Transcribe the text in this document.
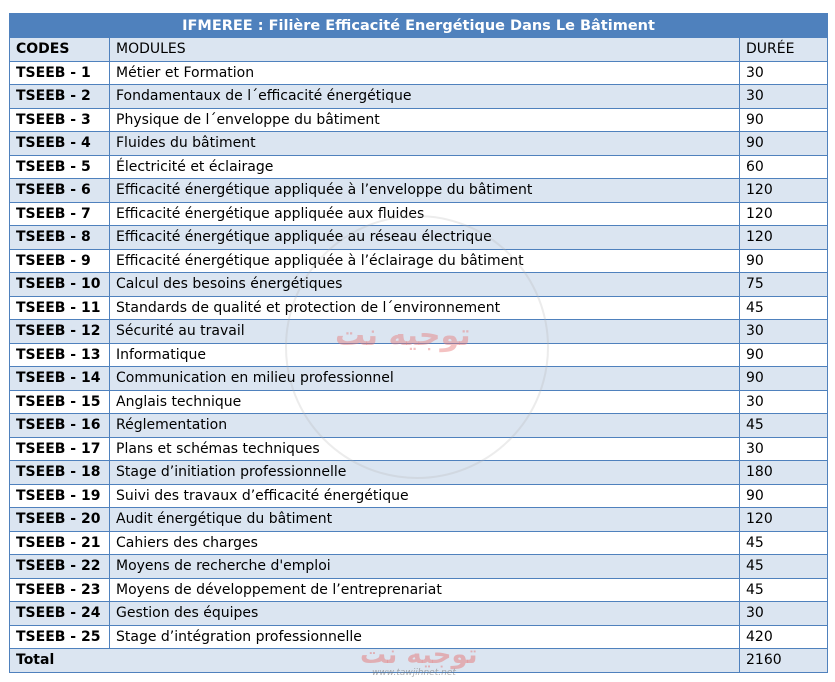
IFMEREE : Filière Efficacité Energétique Dans Le Bâtiment		
CODES	MODULES	DURÉE
TSEEB - 1	Métier et Formation	30
TSEEB - 2	Fondamentaux de l´efficacité énergétique	30
TSEEB - 3	Physique de l´enveloppe du bâtiment	90
TSEEB - 4	Fluides du bâtiment	90
TSEEB - 5	Électricité et éclairage	60
TSEEB - 6	Efficacité énergétique appliquée à l’enveloppe du bâtiment	120
TSEEB - 7	Efficacité énergétique appliquée aux fluides	120
TSEEB - 8	Efficacité énergétique appliquée au réseau électrique	120
TSEEB - 9	Efficacité énergétique appliquée à l’éclairage du bâtiment	90
TSEEB - 10	Calcul des besoins énergétiques	75
TSEEB - 11	Standards de qualité et protection de l´environnement	45
TSEEB - 12	Sécurité au travail	30
TSEEB - 13	Informatique	90
TSEEB - 14	Communication en milieu professionnel	90
TSEEB - 15	Anglais technique	30
TSEEB - 16	Réglementation	45
TSEEB - 17	Plans et schémas techniques	30
TSEEB - 18	Stage d’initiation professionnelle	180
TSEEB - 19	Suivi des travaux d’efficacité énergétique	90
TSEEB - 20	Audit énergétique du bâtiment	120
TSEEB - 21	Cahiers des charges	45
TSEEB - 22	Moyens de recherche d'emploi	45
TSEEB - 23	Moyens de développement de l’entreprenariat	45
TSEEB - 24	Gestion des équipes	30
TSEEB - 25	Stage d’intégration professionnelle	420
Total		2160
توجيه نت
توجيه نت
www.tawjihnet.net
